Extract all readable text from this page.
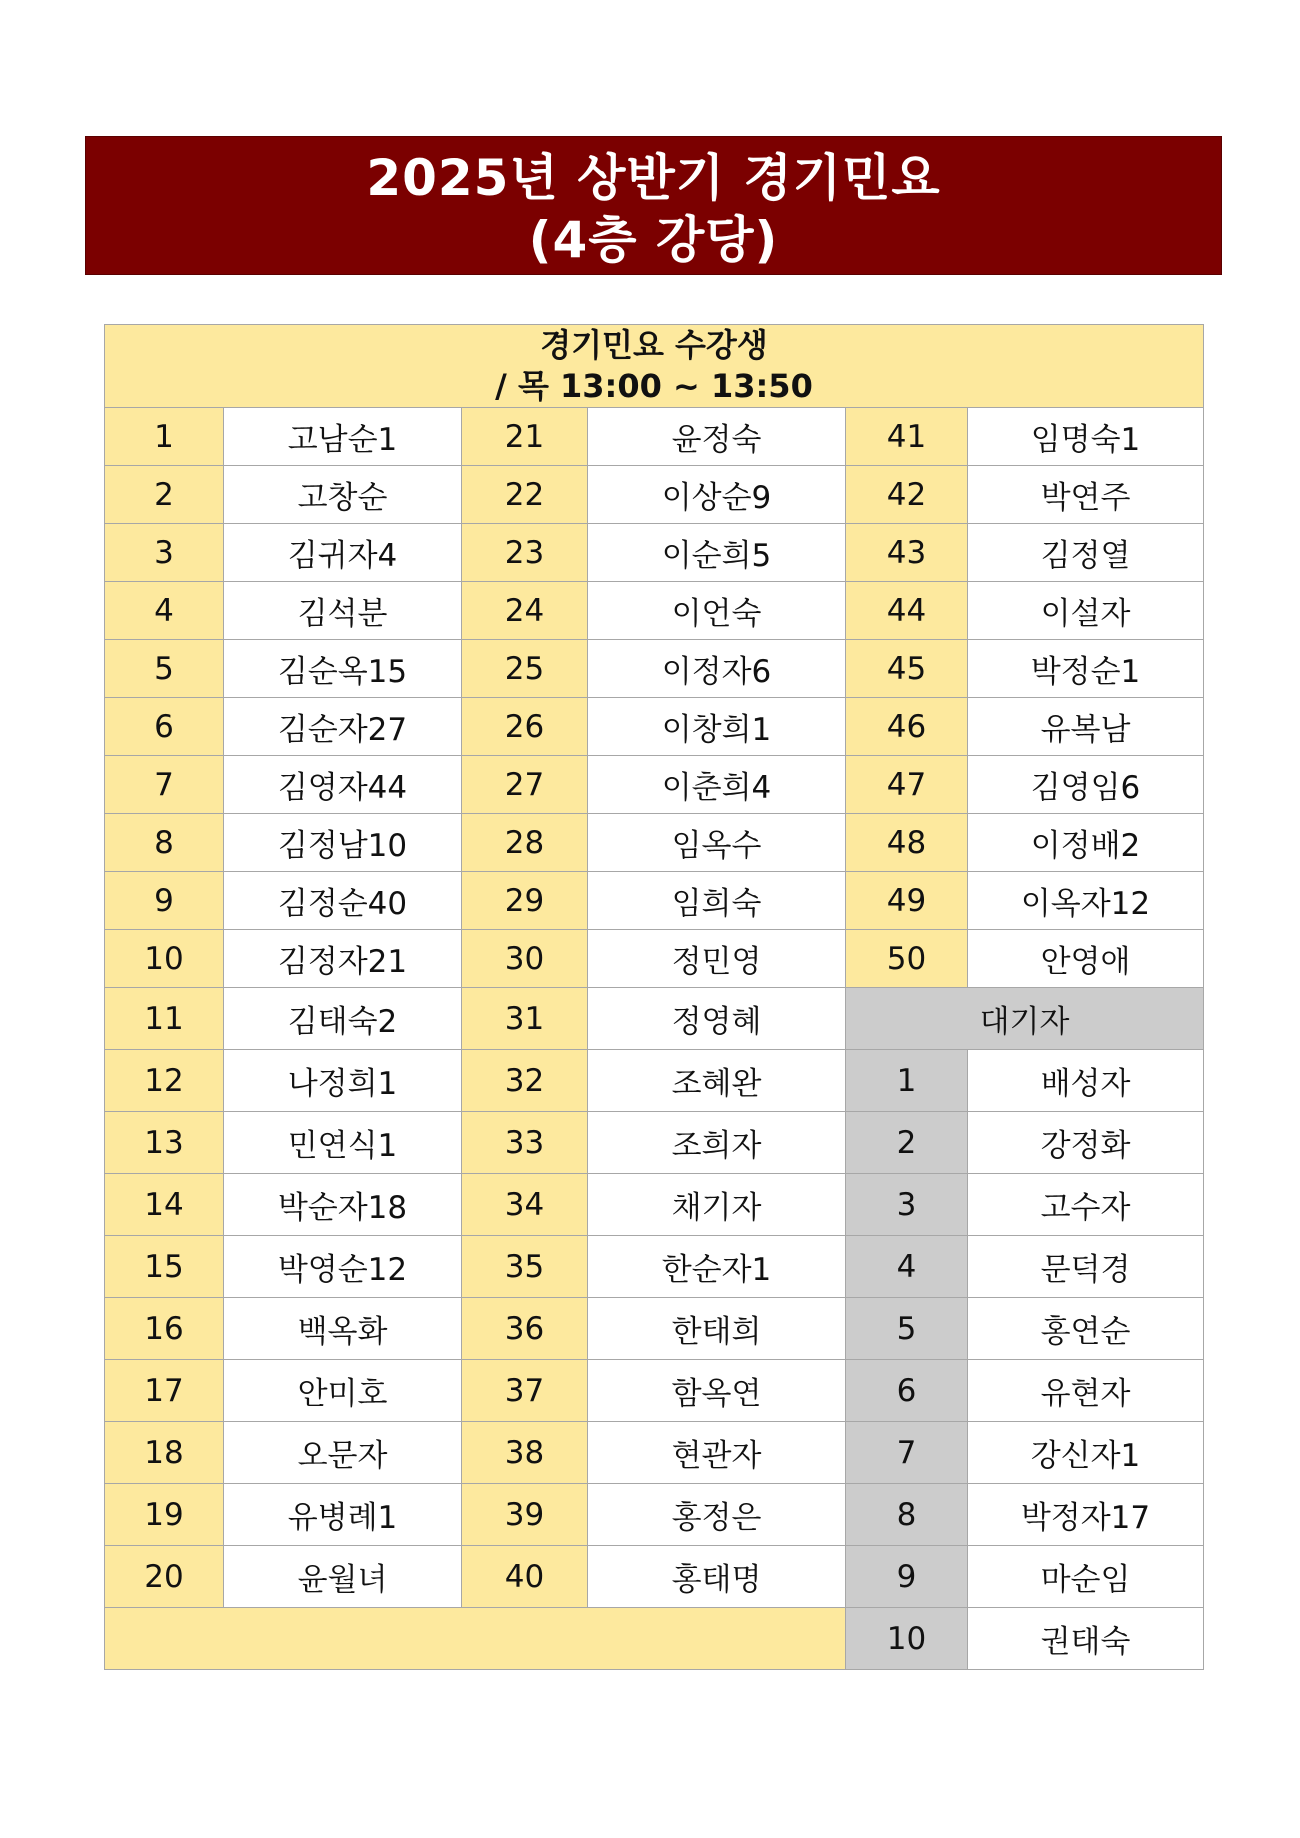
2025년 상반기 경기민요
(4층 강당)
경기민요 수강생
/ 목 13:00 ~ 13:50					

1	고남순1	21	윤정숙	41	임명숙1
2	고창순	22	이상순9	42	박연주
3	김귀자4	23	이순희5	43	김정열
4	김석분	24	이언숙	44	이설자
5	김순옥15	25	이정자6	45	박정순1
6	김순자27	26	이창희1	46	유복남
7	김영자44	27	이춘희4	47	김영임6
8	김정남10	28	임옥수	48	이정배2
9	김정순40	29	임희숙	49	이옥자12
10	김정자21	30	정민영	50	안영애
11	김태숙2	31	정영혜	대기자	
12	나정희1	32	조혜완	1	배성자
13	민연식1	33	조희자	2	강정화
14	박순자18	34	채기자	3	고수자
15	박영순12	35	한순자1	4	문덕경
16	백옥화	36	한태희	5	홍연순
17	안미호	37	함옥연	6	유현자
18	오문자	38	현관자	7	강신자1
19	유병례1	39	홍정은	8	박정자17
20	윤월녀	40	홍태명	9	마순임
				10	권태숙
